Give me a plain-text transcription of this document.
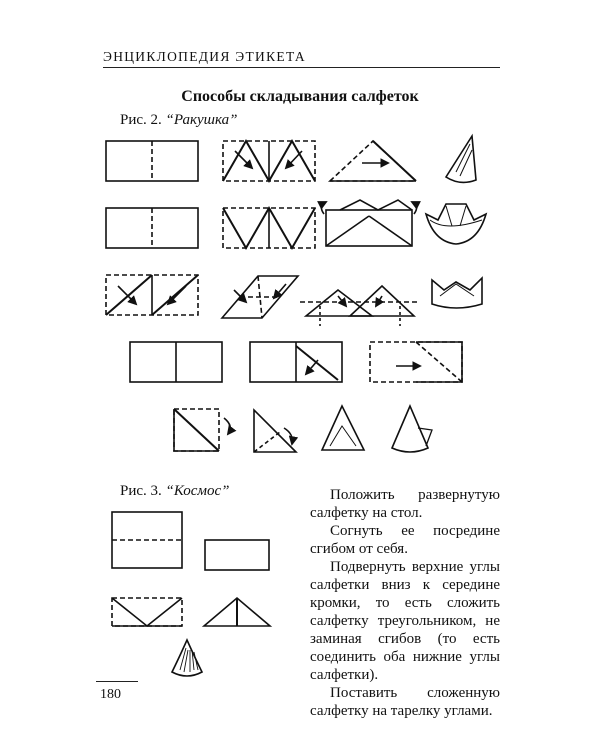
ЭНЦИКЛОПЕДИЯ ЭТИКЕТА
Способы складывания салфеток
Рис. 2. “Ракушка”
Рис. 3. “Космос”	Положить развернутую салфетку на стол.

Согнуть ее посредине сгибом от себя.

Подвернуть верхние углы салфетки вниз к середине кромки, то есть сложить салфетку треугольником, не заминая сгибов (то есть соединить оба нижние углы салфетки).

Поставить сложенную салфетку на тарелку углами.

180
